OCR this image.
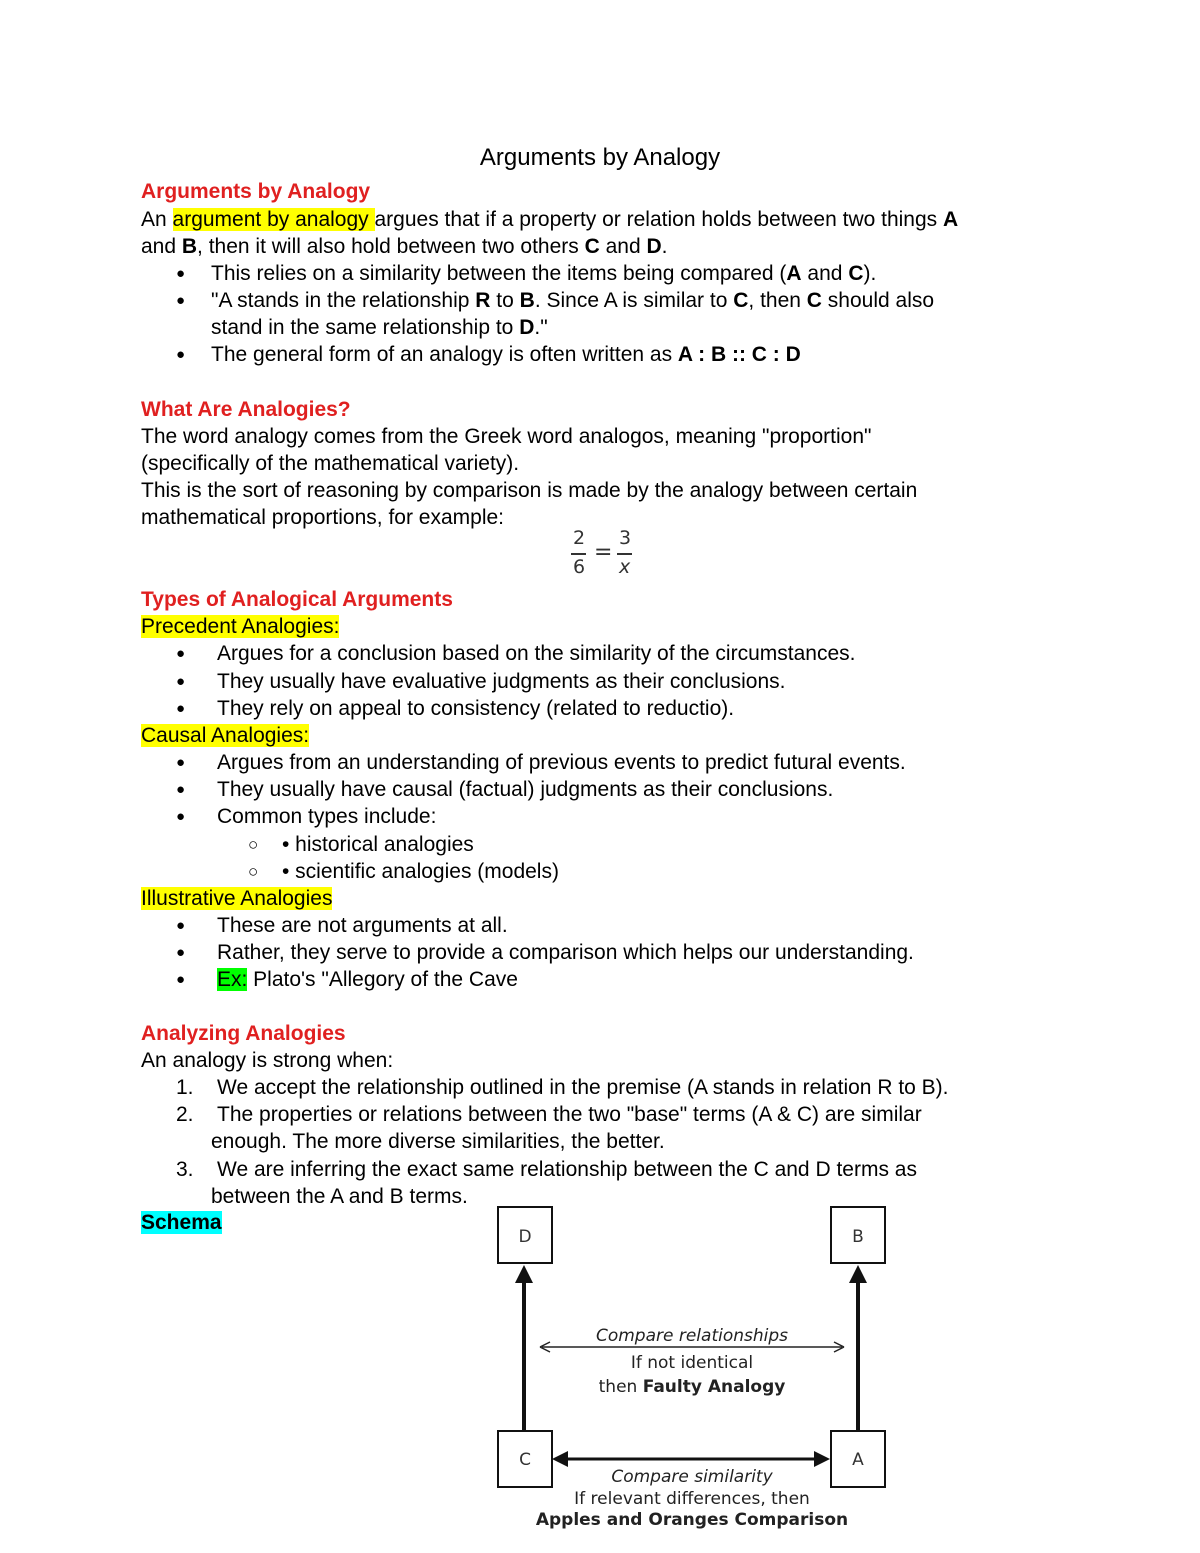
Arguments by Analogy
Arguments by Analogy
An argument by analogy argues that if a property or relation holds between two things A
and B, then it will also hold between two others C and D.
● This relies on a similarity between the items being compared (A and C).
● "A stands in the relationship R to B. Since A is similar to C, then C should also
stand in the same relationship to D."
● The general form of an analogy is often written as A : B :: C : D
What Are Analogies?
The word analogy comes from the Greek word analogos, meaning "proportion"
(specifically of the mathematical variety).
This is the sort of reasoning by comparison is made by the analogy between certain
mathematical proportions, for example:
2
6
=
3
x
Types of Analogical Arguments
Precedent Analogies:
● Argues for a conclusion based on the similarity of the circumstances.
● They usually have evaluative judgments as their conclusions.
● They rely on appeal to consistency (related to reductio).
Causal Analogies:
● Argues from an understanding of previous events to predict futural events.
● They usually have causal (factual) judgments as their conclusions.
● Common types include:
○ • historical analogies
○ • scientific analogies (models)
Illustrative Analogies
● These are not arguments at all.
● Rather, they serve to provide a comparison which helps our understanding.
● Ex: Plato's "Allegory of the Cave
Analyzing Analogies
An analogy is strong when:
1. We accept the relationship outlined in the premise (A stands in relation R to B).
2. The properties or relations between the two "base" terms (A & C) are similar
enough. The more diverse similarities, the better.
3. We are inferring the exact same relationship between the C and D terms as
between the A and B terms.
Schema
D	B
C	A
Compare relationships
If not identical
then Faulty Analogy
Compare similarity
If relevant differences, then
Apples and Oranges Comparison
